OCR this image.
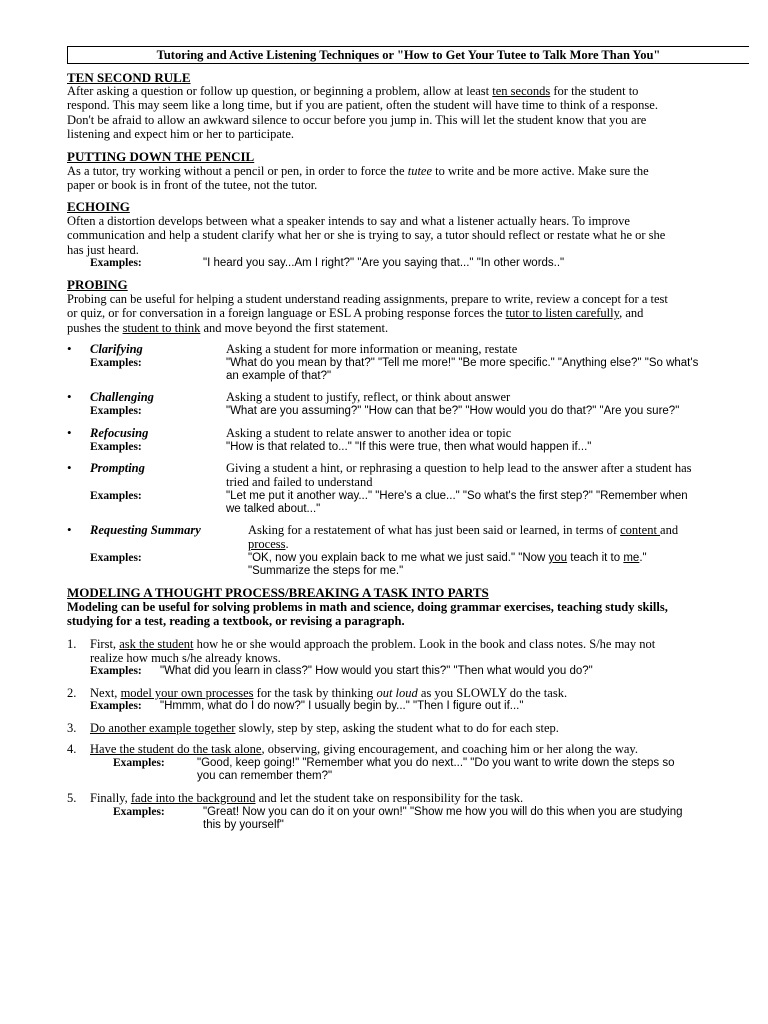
Tutoring and Active Listening Techniques or "How to Get Your Tutee to Talk More Than You"
TEN SECOND RULE
After asking a question or follow up question, or beginning a problem, allow at least ten seconds for the student to
respond. This may seem like a long time, but if you are patient, often the student will have time to think of a response.
Don't be afraid to allow an awkward silence to occur before you jump in. This will let the student know that you are
listening and expect him or her to participate.
PUTTING DOWN THE PENCIL
As a tutor, try working without a pencil or pen, in order to force the tutee to write and be more active. Make sure the
paper or book is in front of the tutee, not the tutor.
ECHOING
Often a distortion develops between what a speaker intends to say and what a listener actually hears. To improve
communication and help a student clarify what her or she is trying to say, a tutor should reflect or restate what he or she
has just heard.
Examples:	"I heard you say...Am I right?" "Are you saying that..." "In other words.."
PROBING
Probing can be useful for helping a student understand reading assignments, prepare to write, review a concept for a test
or quiz, or for conversation in a foreign language or ESL A probing response forces the tutor to listen carefully, and
pushes the student to think and move beyond the first statement.
• Clarifying	Asking a student for more information or meaning, restate
Examples:	"What do you mean by that?" "Tell me more!" "Be more specific." "Anything else?" "So what's
an example of that?"
• Challenging	Asking a student to justify, reflect, or think about answer
Examples:	"What are you assuming?" "How can that be?" "How would you do that?" "Are you sure?"
• Refocusing	Asking a student to relate answer to another idea or topic
Examples:	"How is that related to..." "If this were true, then what would happen if..."
• Prompting	Giving a student a hint, or rephrasing a question to help lead to the answer after a student has
tried and failed to understand
Examples:	"Let me put it another way..." "Here's a clue..." "So what's the first step?" "Remember when
we talked about..."
• Requesting Summary	Asking for a restatement of what has just been said or learned, in terms of content and
process.
Examples:	"OK, now you explain back to me what we just said." "Now you teach it to me."
"Summarize the steps for me."
MODELING A THOUGHT PROCESS/BREAKING A TASK INTO PARTS
Modeling can be useful for solving problems in math and science, doing grammar exercises, teaching study skills,
studying for a test, reading a textbook, or revising a paragraph.
1. First, ask the student how he or she would approach the problem. Look in the book and class notes. S/he may not
realize how much s/he already knows.
Examples: "What did you learn in class?" How would you start this?" "Then what would you do?"
2. Next, model your own processes for the task by thinking out loud as you SLOWLY do the task.
Examples: "Hmmm, what do I do now?" I usually begin by..." "Then I figure out if..."
3. Do another example together slowly, step by step, asking the student what to do for each step.
4. Have the student do the task alone, observing, giving encouragement, and coaching him or her along the way.
Examples:	"Good, keep going!" "Remember what you do next..." "Do you want to write down the steps so
you can remember them?"
5. Finally, fade into the background and let the student take on responsibility for the task.
Examples:	"Great! Now you can do it on your own!" "Show me how you will do this when you are studying
this by yourself"
